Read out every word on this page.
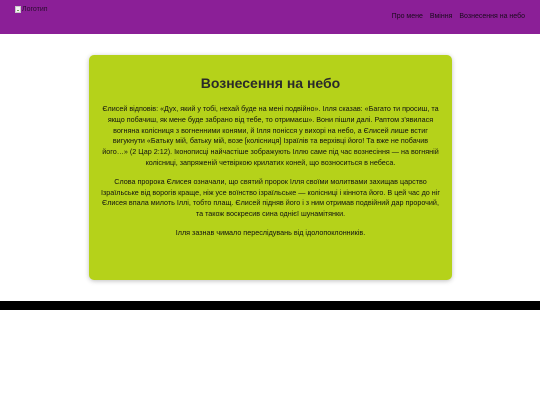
Логотип
Про мене Вміння Вознесення на небо
Вознесення на небо

Єлисей відповів: «Дух, який у тобі, нехай буде на мені подвійно». Ілля сказав: «Багато ти просиш, та якщо побачиш, як мене буде забрано від тебе, то отримаєш». Вони пішли далі. Раптом з'явилася вогняна колісниця з вогненними конями, й Ілля понісся у вихорі на небо, а Єлисей лише встиг вигукнути «Батьку мій, батьку мій, возе [колісниця] Ізраїлів та верхівці його! Та вже не побачив його…» (2 Цар 2:12). Іконописці найчастіше зображують Іллю саме під час вознесіння — на вогняній колісниці, запряженій четвіркою крилатих коней, що возноситься в небеса.

Слова пророка Єлисея означали, що святий пророк Ілля своїми молитвами захищав царство Ізраїльське від ворогів краще, ніж усе воїнство ізраїльське — колісниці і кіннота його. В цей час до ніг Єлисея впала милоть Іллі, тобто плащ. Єлисей підняв його і з ним отримав подвійний дар пророчий, та також воскресив сина однієї шунамітянки.

Ілля зазнав чимало переслідувань від ідолопоклонників.
